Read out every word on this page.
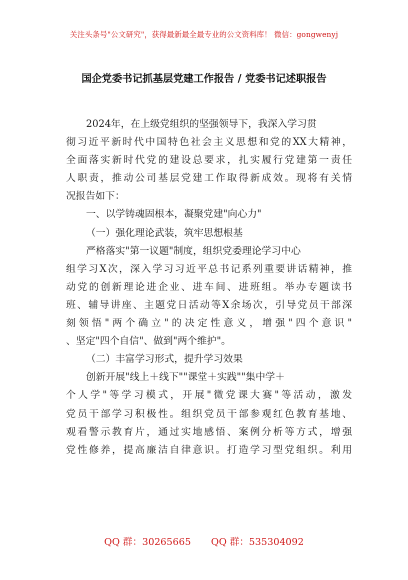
关注头条号"公文研究"，获得最新最全最专业的公文资料库！ 微信：gongwenyj
国企党委书记抓基层党建工作报告 / 党委书记述职报告
2024年，在上级党组织的坚强领导下，我深入学习贯
彻习近平新时代中国特色社会主义思想和党的XX大精神，
全面落实新时代党的建设总要求，扎实履行党建第一责任
人职责，推动公司基层党建工作取得新成效。现将有关情
况报告如下：
一、以学铸魂固根本，凝聚党建"向心力"
（一）强化理论武装，筑牢思想根基
严格落实"第一议题"制度，组织党委理论学习中心
组学习X次，深入学习习近平总书记系列重要讲话精神，推
动党的创新理论进企业、进车间、进班组。举办专题读书
班、辅导讲座、主题党日活动等X余场次，引导党员干部深
刻领悟"两个确立"的决定性意义，增强"四个意识"
、坚定"四个自信"、做到"两个维护"。
（二）丰富学习形式，提升学习效果
创新开展"线上＋线下""课堂＋实践""集中学＋
个人学"等学习模式，开展"微党课大赛"等活动，激发
党员干部学习积极性。组织党员干部参观红色教育基地、
观看警示教育片，通过实地感悟、案例分析等方式，增强
党性修养，提高廉洁自律意识。打造学习型党组织。利用
QQ 群：30265665 QQ 群：535304092
